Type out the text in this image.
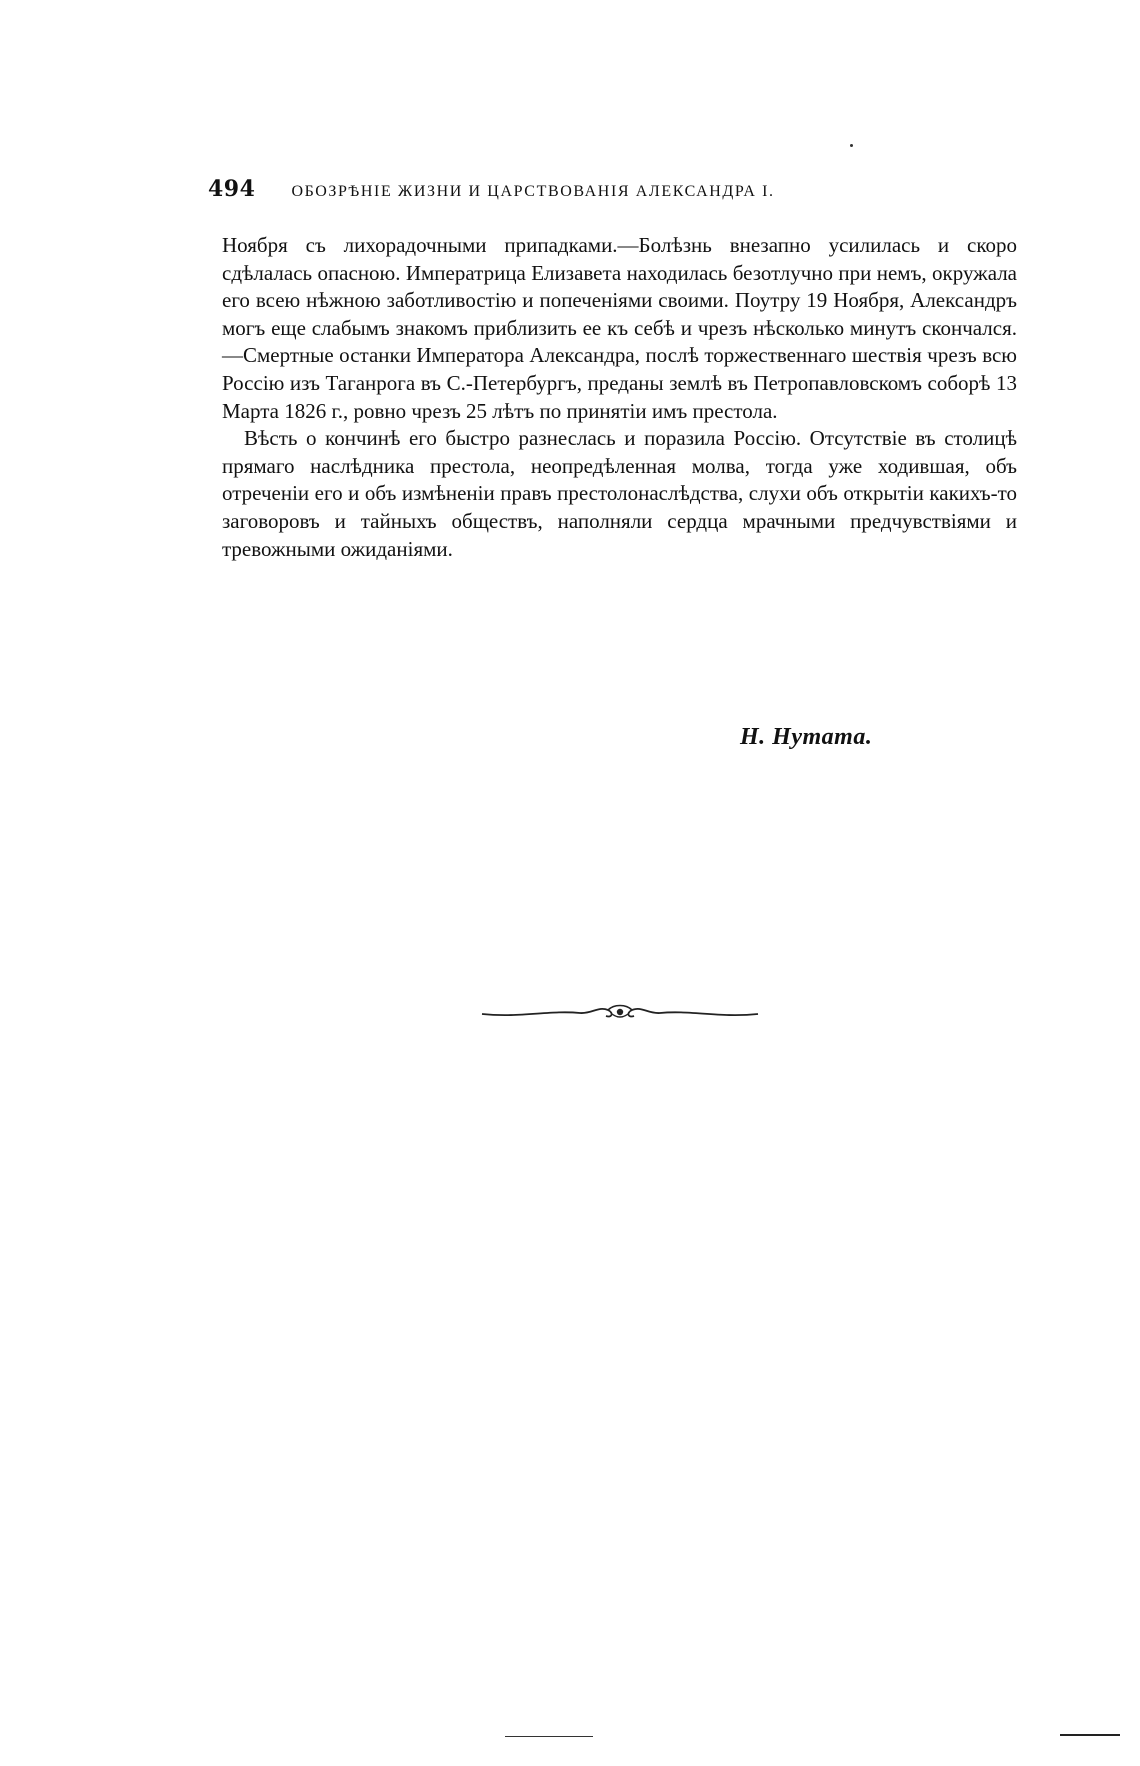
494 ОБОЗРѢНІЕ ЖИЗНИ И ЦАРСТВОВАНІЯ АЛЕКСАНДРА I.

Ноября съ лихорадочными припадками.—Болѣзнь внезапно усилилась и скоро сдѣлалась опасною. Императрица Елизавета находилась безотлучно при немъ, окружала его всею нѣжною заботливостію и попеченіями своими. Поутру 19 Ноября, Александръ могъ еще слабымъ знакомъ приблизить ее къ себѣ и чрезъ нѣсколько минутъ скончался.—Смертные останки Императора Александра, послѣ торжественнаго шествія чрезъ всю Россію изъ Таганрога въ С.-Петербургъ, преданы землѣ въ Петропавловскомъ соборѣ 13 Марта 1826 г., ровно чрезъ 25 лѣтъ по принятіи имъ престола.

Вѣсть о кончинѣ его быстро разнеслась и поразила Россію. Отсутствіе въ столицѣ прямаго наслѣдника престола, неопредѣленная молва, тогда уже ходившая, объ отреченіи его и объ измѣненіи правъ престолонаслѣдства, слухи объ открытіи какихъ-то заговоровъ и тайныхъ обществъ, наполняли сердца мрачными предчувствіями и тревожными ожиданіями.

Н. Нутата.
